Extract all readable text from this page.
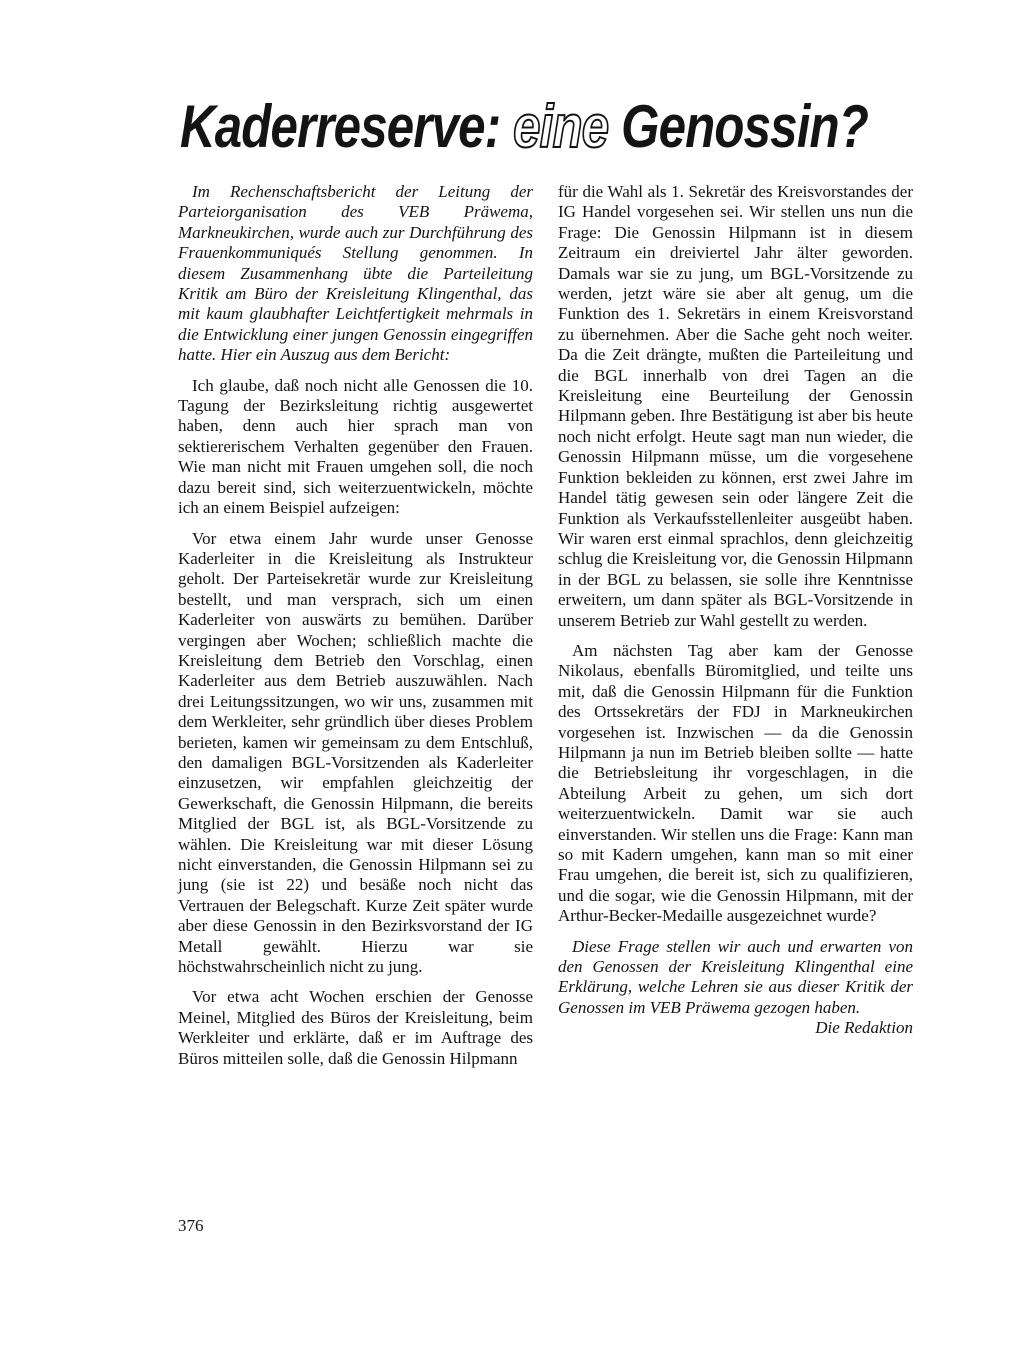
Kaderreserve: eine Genossin?

Im Rechenschaftsbericht der Leitung der Parteiorganisation des VEB Präwema, Markneukirchen, wurde auch zur Durchführung des Frauenkommuniqués Stellung genommen. In diesem Zusammenhang übte die Parteileitung Kritik am Büro der Kreisleitung Klingenthal, das mit kaum glaubhafter Leichtfertigkeit mehrmals in die Entwicklung einer jungen Genossin eingegriffen hatte. Hier ein Auszug aus dem Bericht:

Ich glaube, daß noch nicht alle Genossen die 10. Tagung der Bezirksleitung richtig ausgewertet haben, denn auch hier sprach man von sektiererischem Verhalten gegenüber den Frauen. Wie man nicht mit Frauen umgehen soll, die noch dazu bereit sind, sich weiterzuentwickeln, möchte ich an einem Beispiel aufzeigen:

Vor etwa einem Jahr wurde unser Genosse Kaderleiter in die Kreisleitung als Instrukteur geholt. Der Parteisekretär wurde zur Kreisleitung bestellt, und man versprach, sich um einen Kaderleiter von auswärts zu bemühen. Darüber vergingen aber Wochen; schließlich machte die Kreisleitung dem Betrieb den Vorschlag, einen Kaderleiter aus dem Betrieb auszuwählen. Nach drei Leitungssitzungen, wo wir uns, zusammen mit dem Werkleiter, sehr gründlich über dieses Problem berieten, kamen wir gemeinsam zu dem Entschluß, den damaligen BGL-Vorsitzenden als Kaderleiter einzusetzen, wir empfahlen gleichzeitig der Gewerkschaft, die Genossin Hilpmann, die bereits Mitglied der BGL ist, als BGL-Vorsitzende zu wählen. Die Kreisleitung war mit dieser Lösung nicht einverstanden, die Genossin Hilpmann sei zu jung (sie ist 22) und besäße noch nicht das Vertrauen der Belegschaft. Kurze Zeit später wurde aber diese Genossin in den Bezirksvorstand der IG Metall gewählt. Hierzu war sie höchstwahrscheinlich nicht zu jung.

Vor etwa acht Wochen erschien der Genosse Meinel, Mitglied des Büros der Kreisleitung, beim Werkleiter und erklärte, daß er im Auftrage des Büros mitteilen solle, daß die Genossin Hilpmann

für die Wahl als 1. Sekretär des Kreisvorstandes der IG Handel vorgesehen sei. Wir stellen uns nun die Frage: Die Genossin Hilpmann ist in diesem Zeitraum ein dreiviertel Jahr älter geworden. Damals war sie zu jung, um BGL-Vorsitzende zu werden, jetzt wäre sie aber alt genug, um die Funktion des 1. Sekretärs in einem Kreisvorstand zu übernehmen. Aber die Sache geht noch weiter. Da die Zeit drängte, mußten die Parteileitung und die BGL innerhalb von drei Tagen an die Kreisleitung eine Beurteilung der Genossin Hilpmann geben. Ihre Bestätigung ist aber bis heute noch nicht erfolgt. Heute sagt man nun wieder, die Genossin Hilpmann müsse, um die vorgesehene Funktion bekleiden zu können, erst zwei Jahre im Handel tätig gewesen sein oder längere Zeit die Funktion als Verkaufsstellenleiter ausgeübt haben. Wir waren erst einmal sprachlos, denn gleichzeitig schlug die Kreisleitung vor, die Genossin Hilpmann in der BGL zu belassen, sie solle ihre Kenntnisse erweitern, um dann später als BGL-Vorsitzende in unserem Betrieb zur Wahl gestellt zu werden.

Am nächsten Tag aber kam der Genosse Nikolaus, ebenfalls Büromitglied, und teilte uns mit, daß die Genossin Hilpmann für die Funktion des Ortssekretärs der FDJ in Markneukirchen vorgesehen ist. Inzwischen — da die Genossin Hilpmann ja nun im Betrieb bleiben sollte — hatte die Betriebsleitung ihr vorgeschlagen, in die Abteilung Arbeit zu gehen, um sich dort weiterzuentwickeln. Damit war sie auch einverstanden. Wir stellen uns die Frage: Kann man so mit Kadern umgehen, kann man so mit einer Frau umgehen, die bereit ist, sich zu qualifizieren, und die sogar, wie die Genossin Hilpmann, mit der Arthur-Becker-Medaille ausgezeichnet wurde?

Diese Frage stellen wir auch und erwarten von den Genossen der Kreisleitung Klingenthal eine Erklärung, welche Lehren sie aus dieser Kritik der Genossen im VEB Präwema gezogen haben.
Die Redaktion

376
